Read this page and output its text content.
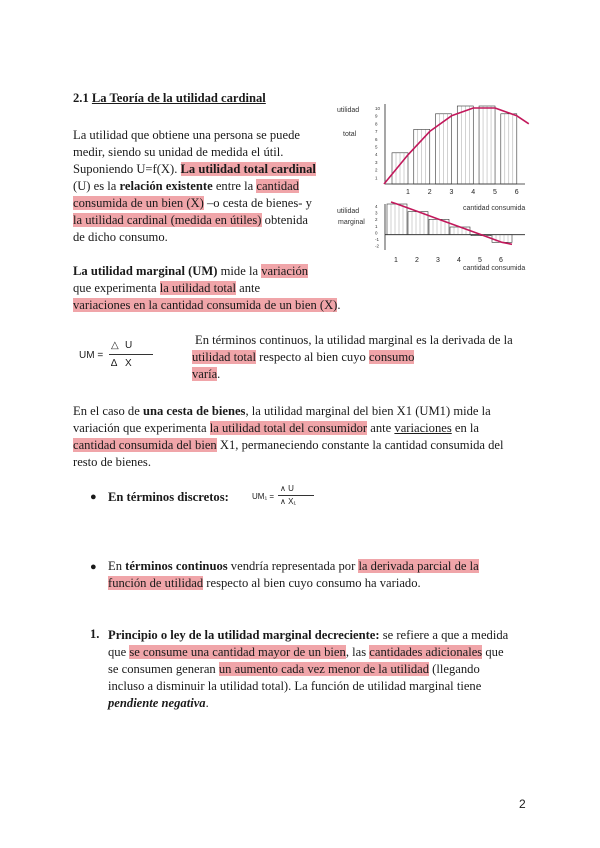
2.1 La Teoría de la utilidad cardinal
La utilidad que obtiene una persona se puede
medir, siendo su unidad de medida el útil.
Suponiendo U=f(X). La utilidad total cardinal
(U) es la relación existente entre la cantidad
consumida de un bien (X) –o cesta de bienes- y
la utilidad cardinal (medida en útiles) obtenida
de dicho consumo.
10
9
8
7
6
5
4
3
2
1
1	2	3	4	5	6
4
3
2
1
0
-1
-2
1 2 3 4 5 6
utilidad
total
utilidad
marginal
cantidad consumida
cantidad consumida
La utilidad marginal (UM) mide la variación
que experimenta la utilidad total ante
variaciones en la cantidad consumida de un bien (X).
UM =
△ U
∆ X
En términos continuos, la utilidad marginal es la derivada de la
utilidad total respecto al bien cuyo consumo
varía.
En el caso de una cesta de bienes, la utilidad marginal del bien X1 (UM1) mide la
variación que experimenta la utilidad total del consumidor ante variaciones en la
cantidad consumida del bien X1, permaneciendo constante la cantidad consumida del
resto de bienes.
● En términos discretos:	UM₁ =
∧ U
∧ X₁
● En términos continuos vendría representada por la derivada parcial de la
función de utilidad respecto al bien cuyo consumo ha variado.
1. Principio o ley de la utilidad marginal decreciente: se refiere a que a medida
que se consume una cantidad mayor de un bien, las cantidades adicionales que
se consumen generan un aumento cada vez menor de la utilidad (llegando
incluso a disminuir la utilidad total). La función de utilidad marginal tiene
pendiente negativa.
2
